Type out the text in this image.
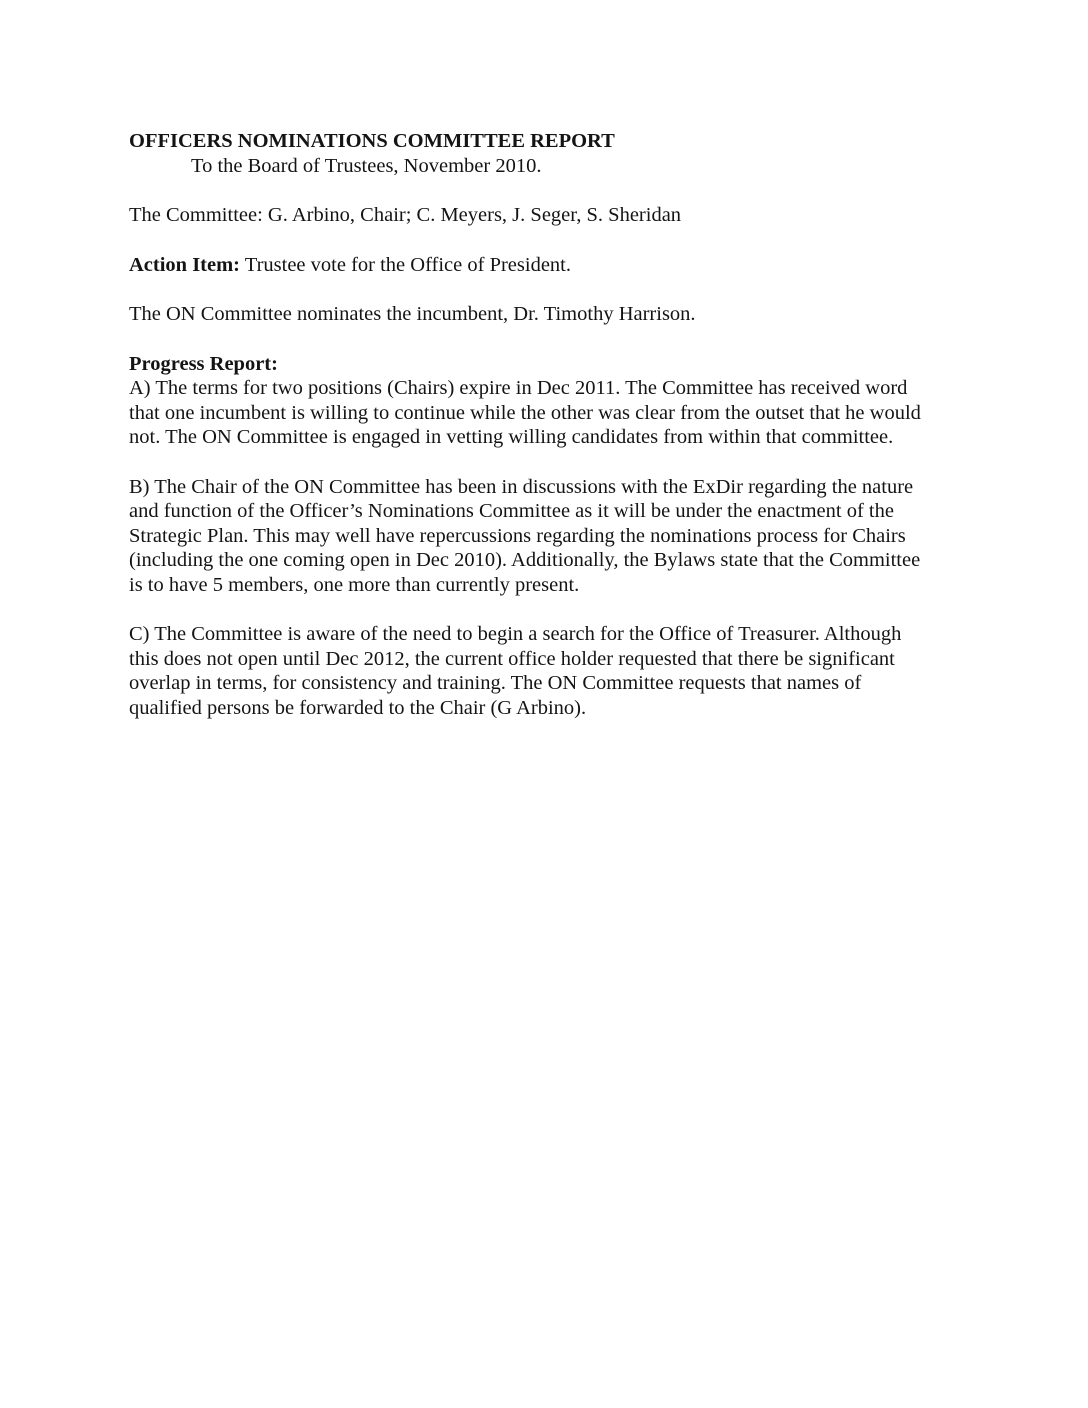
OFFICERS NOMINATIONS COMMITTEE REPORT

To the Board of Trustees, November 2010.

The Committee: G. Arbino, Chair; C. Meyers, J. Seger, S. Sheridan

Action Item: Trustee vote for the Office of President.

The ON Committee nominates the incumbent, Dr. Timothy Harrison.

Progress Report:

A) The terms for two positions (Chairs) expire in Dec 2011. The Committee has received word
that one incumbent is willing to continue while the other was clear from the outset that he would
not. The ON Committee is engaged in vetting willing candidates from within that committee.

B) The Chair of the ON Committee has been in discussions with the ExDir regarding the nature
and function of the Officer’s Nominations Committee as it will be under the enactment of the
Strategic Plan. This may well have repercussions regarding the nominations process for Chairs
(including the one coming open in Dec 2010). Additionally, the Bylaws state that the Committee
is to have 5 members, one more than currently present.

C) The Committee is aware of the need to begin a search for the Office of Treasurer. Although
this does not open until Dec 2012, the current office holder requested that there be significant
overlap in terms, for consistency and training. The ON Committee requests that names of
qualified persons be forwarded to the Chair (G Arbino).
